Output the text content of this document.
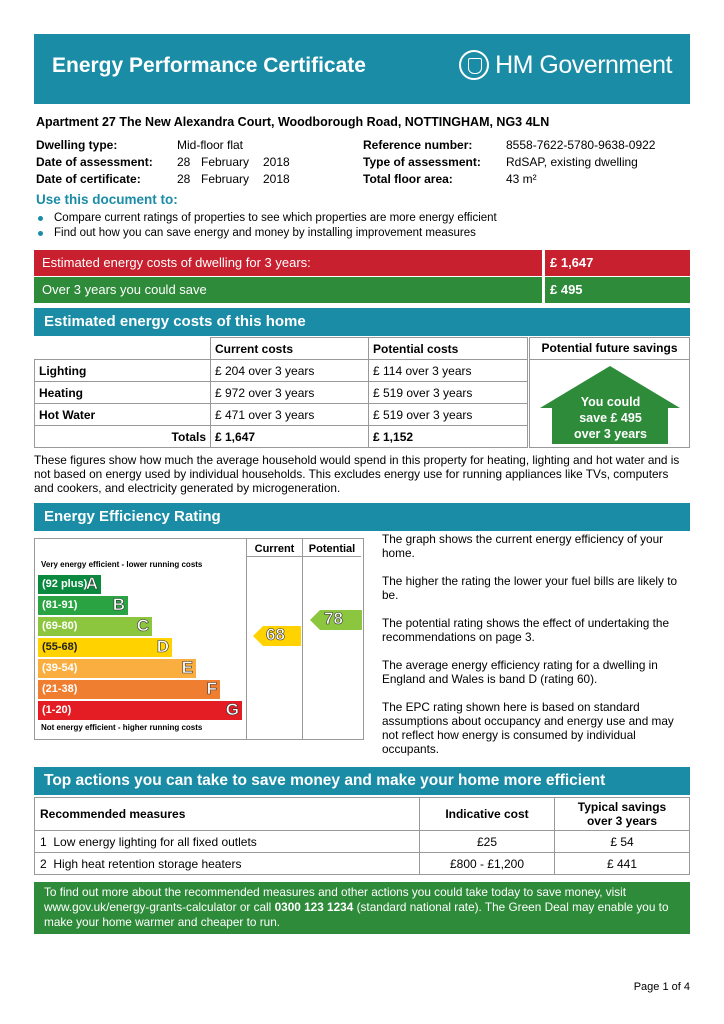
Energy Performance Certificate	HM Government
Apartment 27 The New Alexandra Court, Woodborough Road, NOTTINGHAM, NG3 4LN
Dwelling type:	Mid-floor flat
Date of assessment: 28 February 2018
Date of certificate:	28 February 2018
Reference number:	8558-7622-5780-9638-0922
Type of assessment: RdSAP, existing dwelling
Total floor area:	43 m²
Use this document to:
Compare current ratings of properties to see which properties are more energy efficient
Find out how you can save energy and money by installing improvement measures
Estimated energy costs of dwelling for 3 years:	£ 1,647
Over 3 years you could save	£ 495
Estimated energy costs of this home
	Current costs	Potential costs
Lighting	£ 204 over 3 years	£ 114 over 3 years
Heating	£ 972 over 3 years	£ 519 over 3 years
Hot Water	£ 471 over 3 years	£ 519 over 3 years
Totals	£ 1,647	£ 1,152
Potential future savings
You could
save £ 495
over 3 years
These figures show how much the average household would spend in this property for heating, lighting and hot water and is not based on energy used by individual households. This excludes energy use for running appliances like TVs, computers and cookers, and electricity generated by microgeneration.
Energy Efficiency Rating
Current	Potential
Very energy efficient - lower running costs
Not energy efficient - higher running costs
(92 plus)
A
(81-91) B
(69-80)	C
(55-68)	D
(39-54)	E
(21-38)	F
(1-20)	G
68
78

The graph shows the current energy efficiency of your home.

The higher the rating the lower your fuel bills are likely to be.

The potential rating shows the effect of undertaking the recommendations on page 3.

The average energy efficiency rating for a dwelling in England and Wales is band D (rating 60).

The EPC rating shown here is based on standard assumptions about occupancy and energy use and may not reflect how energy is consumed by individual occupants.

Top actions you can take to save money and make your home more efficient
Recommended measures	Indicative cost	Typical savings
over 3 years

1 Low energy lighting for all fixed outlets	£25	£ 54
2 High heat retention storage heaters	£800 - £1,200	£ 441
To find out more about the recommended measures and other actions you could take today to save money, visit www.gov.uk/energy-grants-calculator or call 0300 123 1234 (standard national rate). The Green Deal may enable you to make your home warmer and cheaper to run.
Page 1 of 4
